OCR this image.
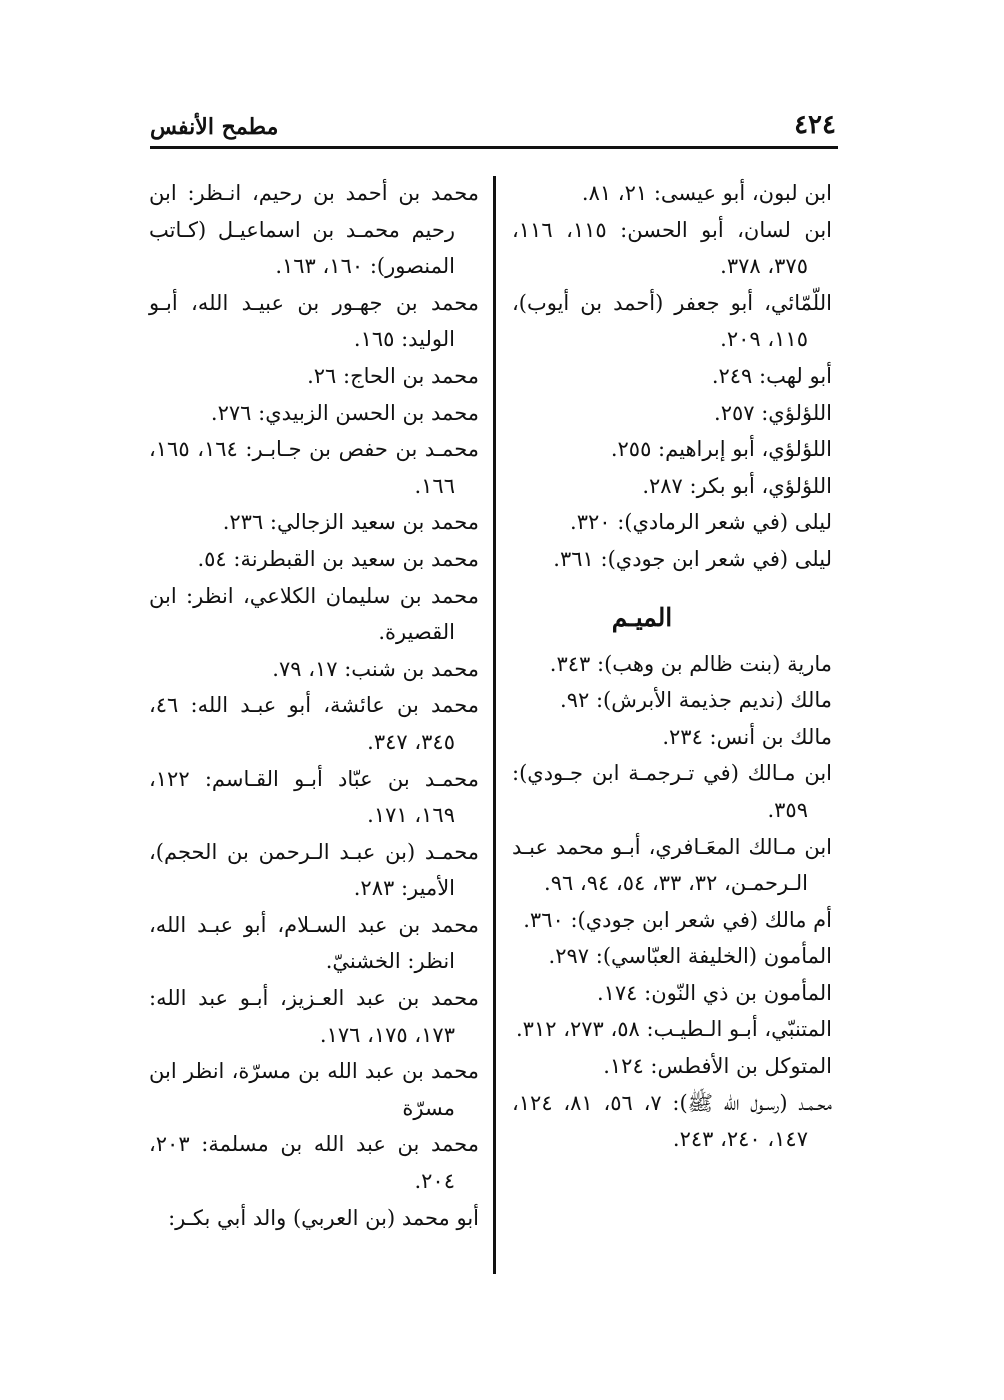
٤٢٤
مطمح الأنفس

ابن لبون، أبو عيسى: ٢١، ٨١.

ابن لسان، أبو الحسن: ١١٥، ١١٦، ٣٧٥، ٣٧٨.

اللّمّائي، أبو جعفر (أحمد بن أيوب)، ١١٥، ٢٠٩.

أبو لهب: ٢٤٩.

اللؤلؤي: ٢٥٧.

اللؤلؤي، أبو إبراهيم: ٢٥٥.

اللؤلؤي، أبو بكر: ٢٨٧.

ليلى (في شعر الرمادي): ٣٢٠.

ليلى (في شعر ابن جودي): ٣٦١.

الميـم

مارية (بنت ظالم بن وهب): ٣٤٣.

مالك (نديم جذيمة الأبرش): ٩٢.

مالك بن أنس: ٢٣٤.

ابن مـالك (في تـرجمـة ابن جـودي): ٣٥٩.

ابن مـالك المعَـافري، أبـو محمد عبـد الـرحمـن، ٣٢، ٣٣، ٥٤، ٩٤، ٩٦.

أم مالك (في شعر ابن جودي): ٣٦٠.

المأمون (الخليفة العبّاسي): ٢٩٧.

المأمون بن ذي النّون: ١٧٤.

المتنبّي، أبـو الـطيـب: ٥٨، ٢٧٣، ٣١٢.

المتوكل بن الأفطس: ١٢٤.

محـمـد (رسـول الله ﷺ): ٧، ٥٦، ٨١، ١٢٤، ١٤٧، ٢٤٠، ٢٤٣.

محمد بن أحمد بن رحيم، انـظر: ابن رحيم محمـد بن اسماعيـل (كـاتب المنصور): ١٦٠، ١٦٣.

محمد بن جهـور بن عبيـد الله، أبـو الوليد: ١٦٥.

محمد بن الحاج: ٢٦.

محمد بن الحسن الزبيدي: ٢٧٦.

محمـد بن حفص بن جـابـر: ١٦٤، ١٦٥، ١٦٦.

محمد بن سعيد الزجالي: ٢٣٦.

محمد بن سعيد بن القبطرنة: ٥٤.

محمد بن سليمان الكلاعي، انظر: ابن القصيرة.

محمد بن شنب: ١٧، ٧٩.

محمد بن عائشة، أبو عبـد الله: ٤٦، ٣٤٥، ٣٤٧.

محمـد بن عبّاد أبـو القـاسم: ١٢٢، ١٦٩، ١٧١.

محمـد (بن عبـد الـرحمن بن الحجم)، الأمير: ٢٨٣.

محمد بن عبد السـلام، أبو عبـد الله، انظر: الخشنيّ.

محمد بن عبد العـزيز، أبـو عبد الله: ١٧٣، ١٧٥، ١٧٦.

محمد بن عبد الله بن مسرّة، انظر ابن مسرّة

محمد بن عبد الله بن مسلمة: ٢٠٣، ٢٠٤.

أبو محمد (بن العربي) والد أبي بكـر:
